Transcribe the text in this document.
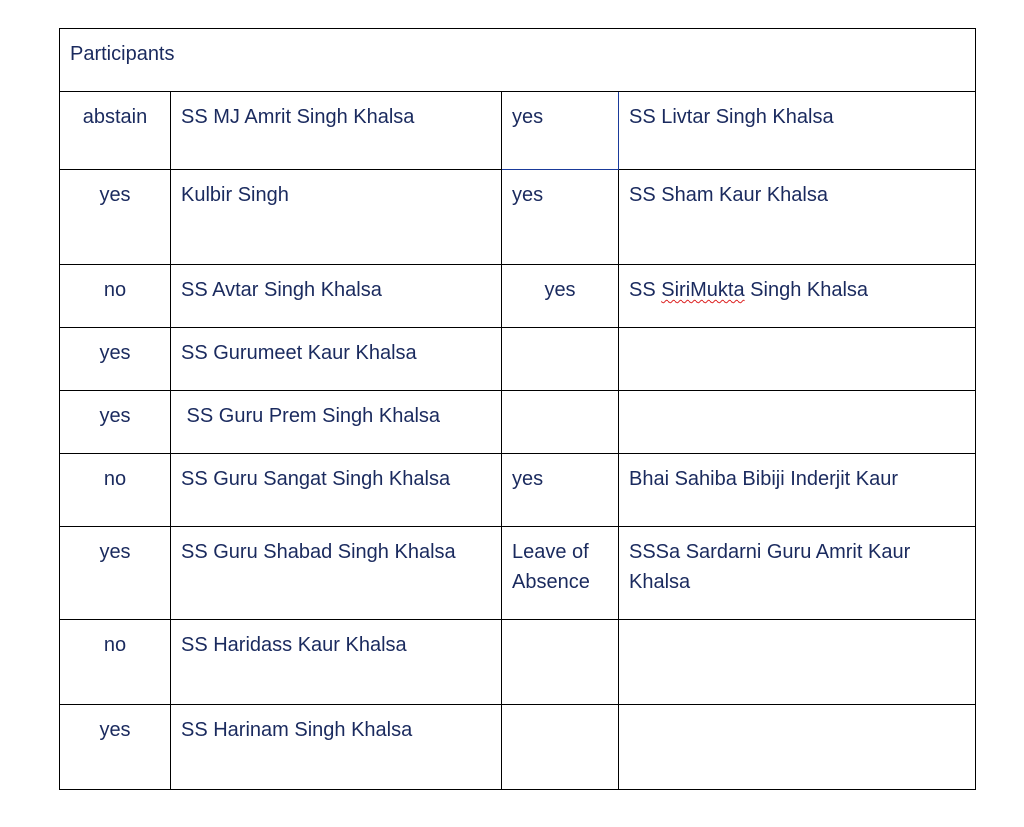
Participants			

abstain	SS MJ Amrit Singh Khalsa	yes	SS Livtar Singh Khalsa

yes	Kulbir Singh	yes	SS Sham Kaur Khalsa

no	SS Avtar Singh Khalsa	yes	SS SiriMukta Singh Khalsa

yes	SS Gurumeet Kaur Khalsa		

yes	SS Guru Prem Singh Khalsa		

no	SS Guru Sangat Singh Khalsa	yes	Bhai Sahiba Bibiji Inderjit Kaur

yes	SS Guru Shabad Singh Khalsa	Leave of Absence	SSSa Sardarni Guru Amrit Kaur Khalsa

no	SS Haridass Kaur Khalsa		

yes	SS Harinam Singh Khalsa		
